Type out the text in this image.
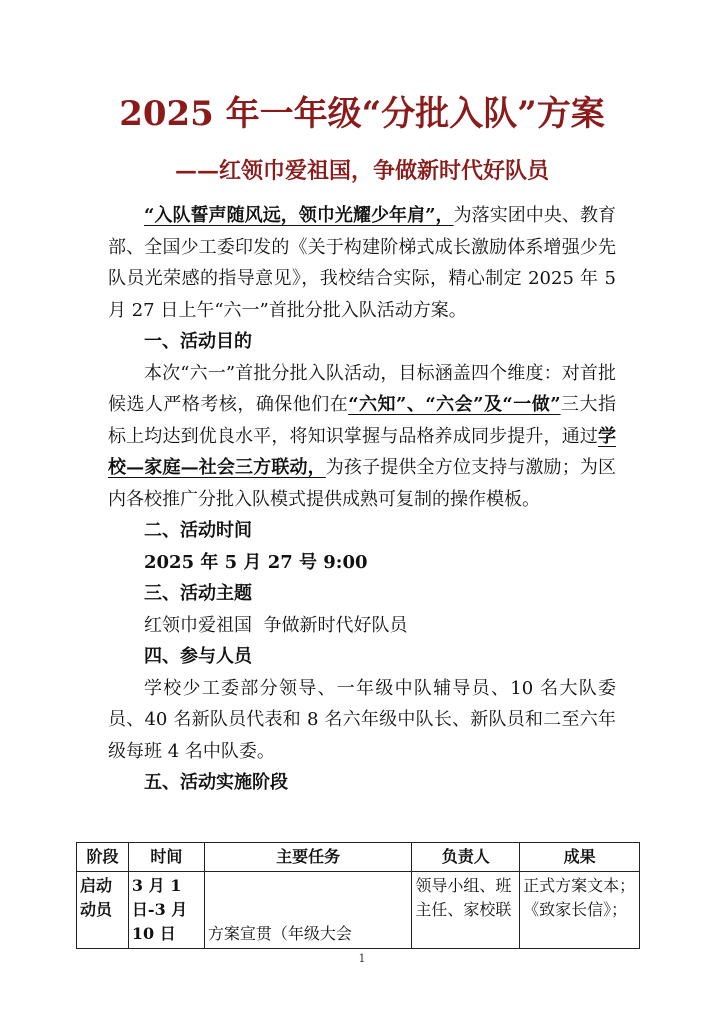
2025 年一年级“分批入队”方案
——红领巾爱祖国，争做新时代好队员

“入队誓声随风远，领巾光耀少年肩”，为落实团中央、教育部、全国少工委印发的《关于构建阶梯式成长激励体系增强少先队员光荣感的指导意见》，我校结合实际，精心制定 2025 年 5 月 27 日上午“六一”首批分批入队活动方案。

一、活动目的

本次“六一”首批分批入队活动，目标涵盖四个维度：对首批候选人严格考核，确保他们在“六知”、“六会”及“一做”三大指标上均达到优良水平，将知识掌握与品格养成同步提升，通过学校—家庭—社会三方联动，为孩子提供全方位支持与激励；为区内各校推广分批入队模式提供成熟可复制的操作模板。

二、活动时间

2025 年 5 月 27 号 9:00

三、活动主题

红领巾爱祖国  争做新时代好队员

四、参与人员

学校少工委部分领导、一年级中队辅导员、10 名大队委员、40 名新队员代表和 8 名六年级中队长、新队员和二至六年级每班 4 名中队委。

五、活动实施阶段

阶段	时间	主要任务	负责人	成果
启动动员	3 月 1 日-3 月 10 日	方案宣贯（年级大会	领导小组、班主任、家校联	正式方案文本；《致家长信》；
1
